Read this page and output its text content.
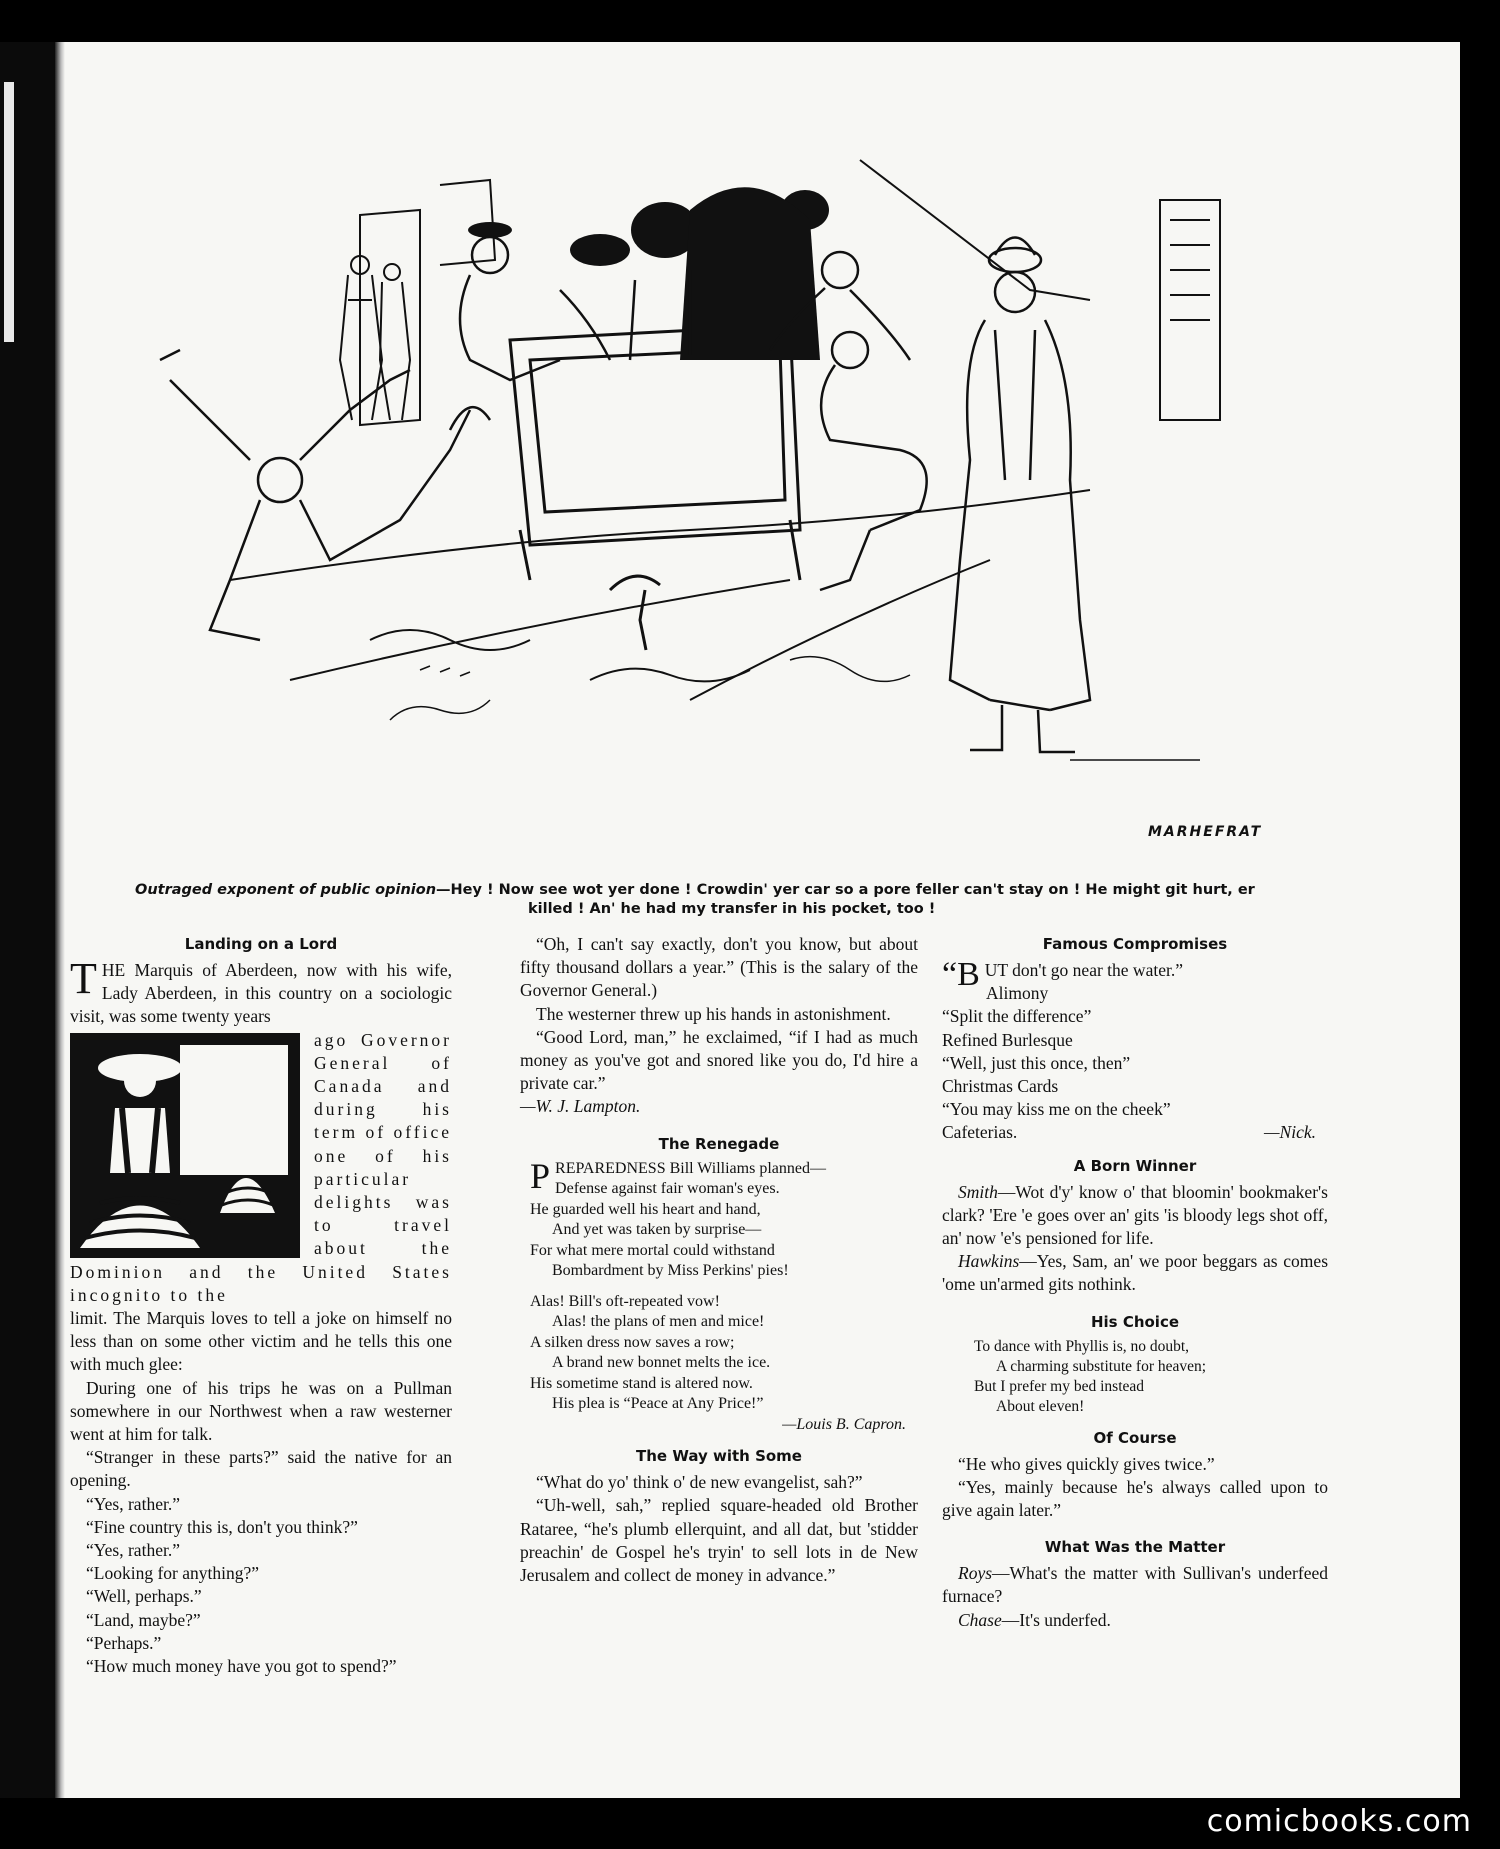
MARHEFRAT
Outraged exponent of public opinion—Hey ! Now see wot yer done ! Crowdin' yer car so a pore feller can't stay on ! He might git hurt, er
killed ! An' he had my transfer in his pocket, too !
Landing on a Lord

THE Marquis of Aberdeen, now with his wife, Lady Aberdeen, in this country on a sociologic visit, was some twenty years

ago Governor General of Canada and during his term of office one of his particular delights was to travel about the Dominion and the United States incognito to the

limit. The Marquis loves to tell a joke on himself no less than on some other victim and he tells this one with much glee:

During one of his trips he was on a Pullman somewhere in our Northwest when a raw westerner went at him for talk.

“Stranger in these parts?” said the native for an opening.

“Yes, rather.”

“Fine country this is, don't you think?”

“Yes, rather.”

“Looking for anything?”

“Well, perhaps.”

“Land, maybe?”

“Perhaps.”

“How much money have you got to spend?”

“Oh, I can't say exactly, don't you know, but about fifty thousand dollars a year.” (This is the salary of the Governor General.)

The westerner threw up his hands in astonishment.

“Good Lord, man,” he exclaimed, “if I had as much money as you've got and snored like you do, I'd hire a private car.”

—W. J. Lampton.

The Renegade
PREPAREDNESS Bill Williams planned—
Defense against fair woman's eyes.
He guarded well his heart and hand,
And yet was taken by surprise—
For what mere mortal could withstand
Bombardment by Miss Perkins' pies!
Alas! Bill's oft-repeated vow!
Alas! the plans of men and mice!
A silken dress now saves a row;
A brand new bonnet melts the ice.
His sometime stand is altered now.
His plea is “Peace at Any Price!”
—Louis B. Capron.
The Way with Some

“What do yo' think o' de new evangelist, sah?”

“Uh-well, sah,” replied square-headed old Brother Rataree, “he's plumb ellerquint, and all dat, but 'stidder preachin' de Gospel he's tryin' to sell lots in de New Jerusalem and collect de money in advance.”

Famous Compromises
“BUT don't go near the water.”
Alimony
“Split the difference”
Refined Burlesque
“Well, just this once, then”
Christmas Cards
“You may kiss me on the cheek”
Cafeterias.	—Nick.
A Born Winner

Smith—Wot d'y' know o' that bloomin' bookmaker's clark? 'Ere 'e goes over an' gits 'is bloody legs shot off, an' now 'e's pensioned for life.

Hawkins—Yes, Sam, an' we poor beggars as comes 'ome un'armed gits nothink.

His Choice
To dance with Phyllis is, no doubt,
A charming substitute for heaven;
But I prefer my bed instead
About eleven!
Of Course

“He who gives quickly gives twice.”

“Yes, mainly because he's always called upon to give again later.”

What Was the Matter

Roys—What's the matter with Sullivan's underfeed furnace?

Chase—It's underfed.

comicbooks.com
